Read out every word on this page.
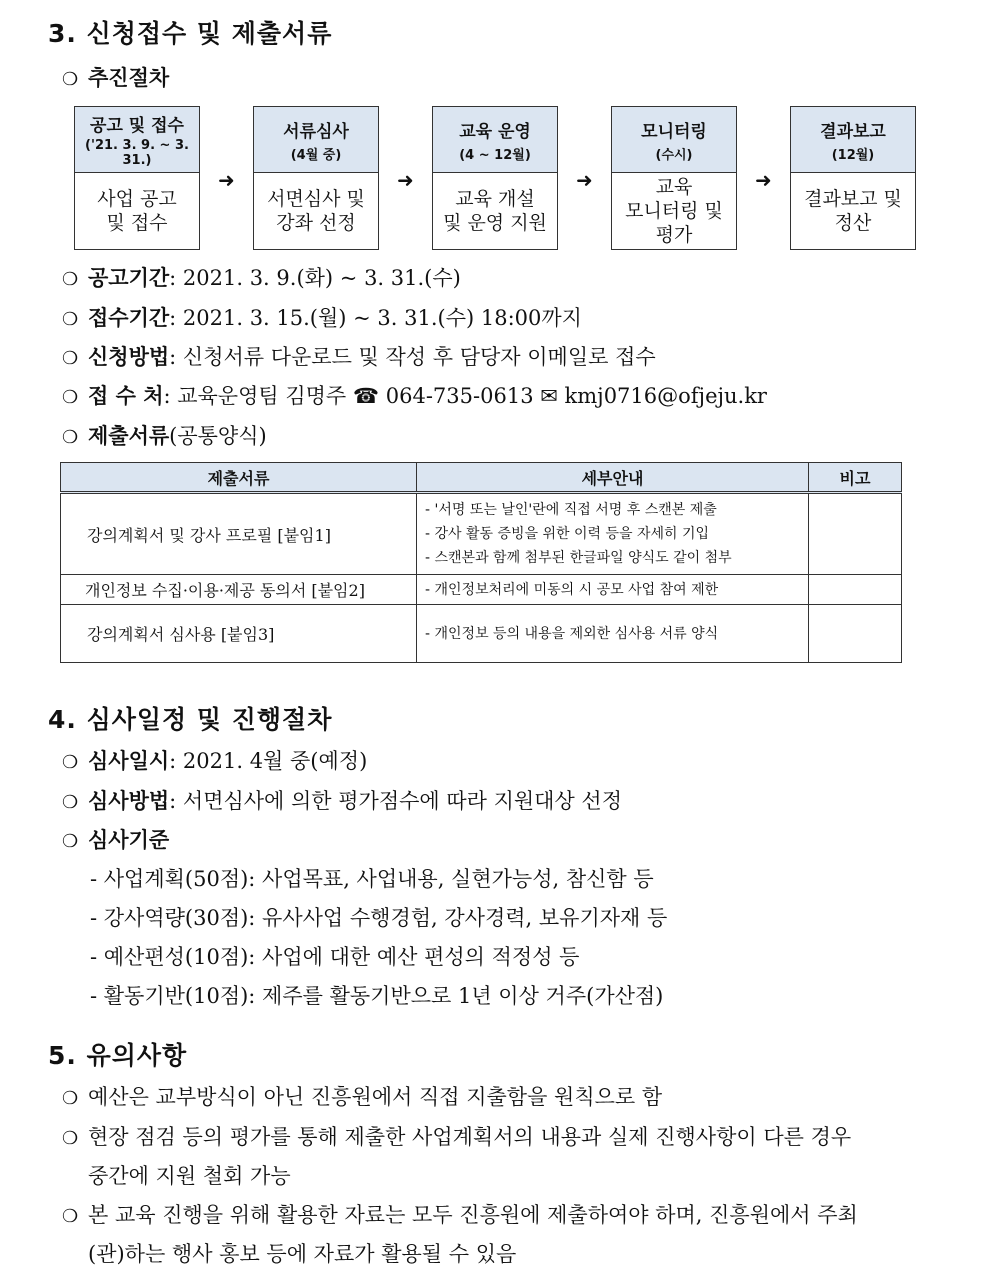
3. 신청접수 및 제출서류
❍ 추진절차
공고 및 접수
('21. 3. 9. ~ 3. 31.)
사업 공고
및 접수
➜
서류심사
(4월 중)
서면심사 및
강좌 선정
➜
교육 운영
(4 ~ 12월)
교육 개설
및 운영 지원
➜
모니터링
(수시)
교육
모니터링 및
평가
➜
결과보고
(12월)
결과보고 및
정산
❍ 공고기간: 2021. 3. 9.(화) ~ 3. 31.(수)
❍ 접수기간: 2021. 3. 15.(월) ~ 3. 31.(수) 18:00까지
❍ 신청방법: 신청서류 다운로드 및 작성 후 담당자 이메일로 접수
❍ 접 수 처: 교육운영팀 김명주 ☎ 064-735-0613 ✉ kmj0716@ofjeju.kr
❍ 제출서류(공통양식)
제출서류	세부안내	비고
강의계획서 및 강사 프로필 [붙임1]	- '서명 또는 날인'란에 직접 서명 후 스캔본 제출
- 강사 활동 증빙을 위한 이력 등을 자세히 기입
- 스캔본과 함께 첨부된 한글파일 양식도 같이 첨부	

개인정보 수집·이용·제공 동의서 [붙임2]	- 개인정보처리에 미동의 시 공모 사업 참여 제한	

강의계획서 심사용 [붙임3]	- 개인정보 등의 내용을 제외한 심사용 서류 양식	

4. 심사일정 및 진행절차
❍ 심사일시: 2021. 4월 중(예정)
❍ 심사방법: 서면심사에 의한 평가점수에 따라 지원대상 선정
❍ 심사기준
- 사업계획(50점): 사업목표, 사업내용, 실현가능성, 참신함 등
- 강사역량(30점): 유사사업 수행경험, 강사경력, 보유기자재 등
- 예산편성(10점): 사업에 대한 예산 편성의 적정성 등
- 활동기반(10점): 제주를 활동기반으로 1년 이상 거주(가산점)
5. 유의사항
❍ 예산은 교부방식이 아닌 진흥원에서 직접 지출함을 원칙으로 함
❍ 현장 점검 등의 평가를 통해 제출한 사업계획서의 내용과 실제 진행사항이 다른 경우
중간에 지원 철회 가능
❍ 본 교육 진행을 위해 활용한 자료는 모두 진흥원에 제출하여야 하며, 진흥원에서 주최
(관)하는 행사 홍보 등에 자료가 활용될 수 있음
